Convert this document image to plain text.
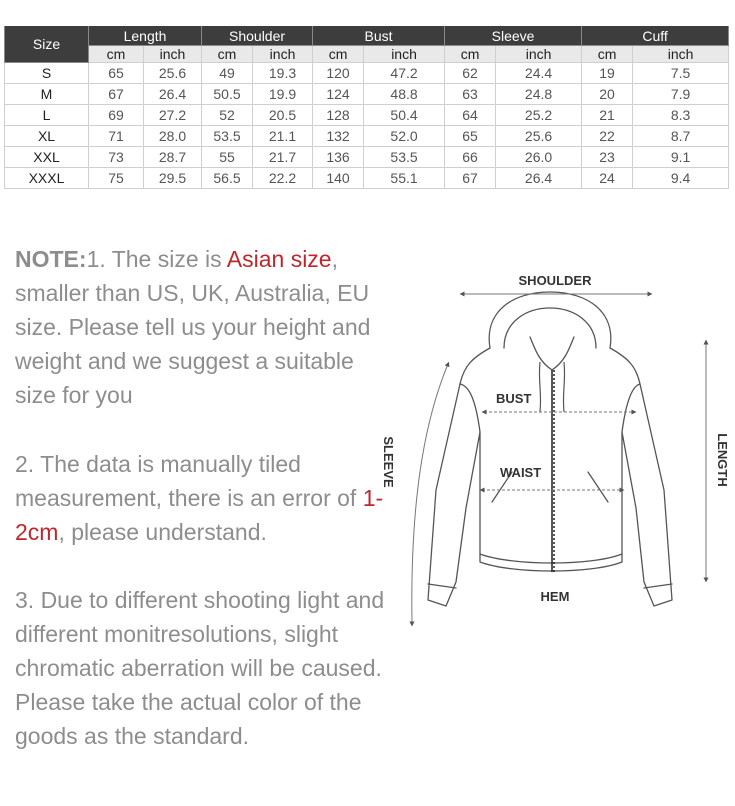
Size	Length		Shoulder		Bust		Sleeve		Cuff	
	cm	inch	cm	inch	cm	inch	cm	inch	cm	inch
S	65	25.6	49	19.3	120	47.2	62	24.4	19	7.5
M	67	26.4	50.5	19.9	124	48.8	63	24.8	20	7.9
L	69	27.2	52	20.5	128	50.4	64	25.2	21	8.3
XL	71	28.0	53.5	21.1	132	52.0	65	25.6	22	8.7
XXL	73	28.7	55	21.7	136	53.5	66	26.0	23	9.1
XXXL	75	29.5	56.5	22.2	140	55.1	67	26.4	24	9.4

NOTE:1. The size is Asian size, smaller than US, UK, Australia, EU size. Please tell us your height and weight and we suggest a suitable size for you

2. The data is manually tiled measurement, there is an error of 1-2cm, please understand.

3. Due to different shooting light and different monitresolutions, slight chromatic aberration will be caused. Please take the actual color of the goods as the standard.

SHOULDER
BUST
WAIST
HEM
SLEEVE	LENGTH
